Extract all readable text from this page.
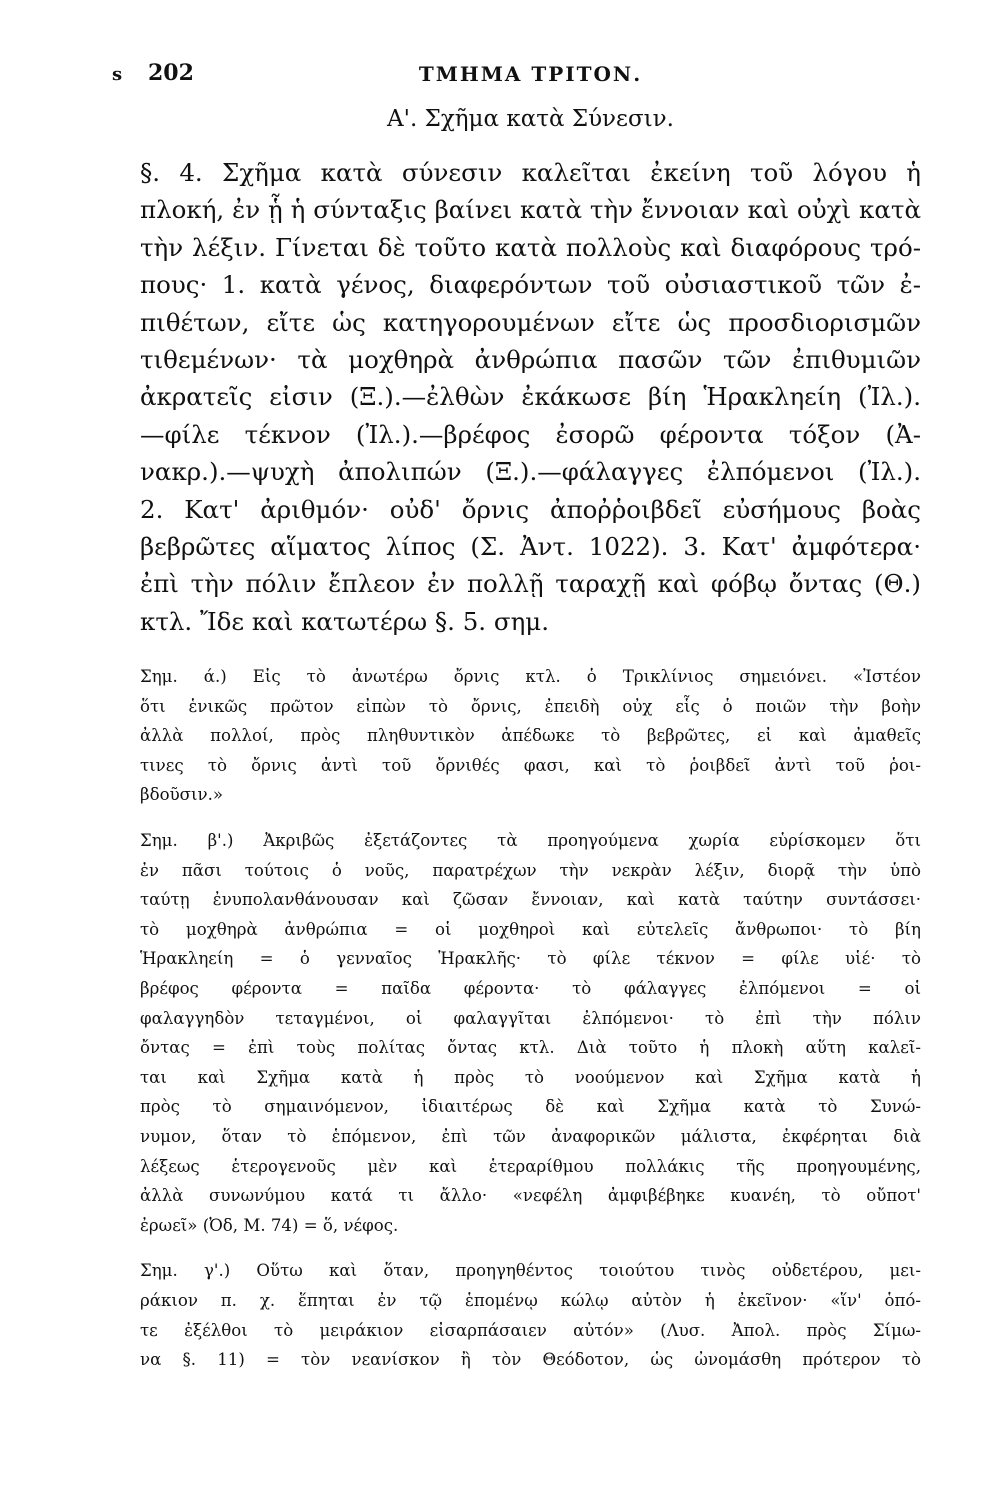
s 202	ΤΜΗΜΑ ΤΡΙΤΟΝ.
Α'. Σχῆμα κατὰ Σύνεσιν.
§. 4. Σχῆμα κατὰ σύνεσιν καλεῖται ἐκείνη τοῦ λόγου ἡ
πλοκή, ἐν ᾗ ἡ σύνταξις βαίνει κατὰ τὴν ἔννοιαν καὶ οὐχὶ κατὰ
τὴν λέξιν. Γίνεται δὲ τοῦτο κατὰ πολλοὺς καὶ διαφόρους τρό-
πους· 1. κατὰ γένος, διαφερόντων τοῦ οὐσιαστικοῦ τῶν ἐ-
πιθέτων, εἴτε ὡς κατηγορουμένων εἴτε ὡς προσδιορισμῶν
τιθεμένων· τὰ μοχθηρὰ ἀνθρώπια πασῶν τῶν ἐπιθυμιῶν
ἀκρατεῖς εἰσιν (Ξ.).—ἐλθὼν ἐκάκωσε βίη Ἡρακληείη (Ἰλ.).
—φίλε τέκνον (Ἰλ.).—βρέφος ἐσορῶ φέροντα τόξον (Ἀ-
νακρ.).—ψυχὴ ἀπολιπών (Ξ.).—φάλαγγες ἐλπόμενοι (Ἰλ.).
2. Κατ' ἀριθμόν· οὐδ' ὄρνις ἀποῤῥοιβδεῖ εὐσήμους βοὰς
βεβρῶτες αἵματος λίπος (Σ. Ἀντ. 1022). 3. Κατ' ἀμφότερα·
ἐπὶ τὴν πόλιν ἔπλεον ἐν πολλῇ ταραχῇ καὶ φόβῳ ὄντας (Θ.)
κτλ. Ἴδε καὶ κατωτέρω §. 5. σημ.
Σημ. ά.) Εἰς τὸ ἀνωτέρω ὄρνις κτλ. ὁ Τρικλίνιος σημειόνει. «Ἰστέον
ὅτι ἑνικῶς πρῶτον εἰπὼν τὸ ὄρνις, ἐπειδὴ οὐχ εἷς ὁ ποιῶν τὴν βοὴν
ἀλλὰ πολλοί, πρὸς πληθυντικὸν ἀπέδωκε τὸ βεβρῶτες, εἰ καὶ ἀμαθεῖς
τινες τὸ ὄρνις ἀντὶ τοῦ ὄρνιθές φασι, καὶ τὸ ῥοιβδεῖ ἀντὶ τοῦ ῥοι-
βδοῦσιν.»
Σημ. β'.) Ἀκριβῶς ἐξετάζοντες τὰ προηγούμενα χωρία εὑρίσκομεν ὅτι
ἐν πᾶσι τούτοις ὁ νοῦς, παρατρέχων τὴν νεκρὰν λέξιν, διορᾷ τὴν ὑπὸ
ταύτῃ ἐνυπολανθάνουσαν καὶ ζῶσαν ἔννοιαν, καὶ κατὰ ταύτην συντάσσει·
τὸ μοχθηρὰ ἀνθρώπια = οἱ μοχθηροὶ καὶ εὐτελεῖς ἄνθρωποι· τὸ βίη
Ἡρακληείη = ὁ γενναῖος Ἡρακλῆς· τὸ φίλε τέκνον = φίλε υἱέ· τὸ
βρέφος φέροντα = παῖδα φέροντα· τὸ φάλαγγες ἐλπόμενοι = οἱ
φαλαγγηδὸν τεταγμένοι, οἱ φαλαγγῖται ἐλπόμενοι· τὸ ἐπὶ τὴν πόλιν
ὄντας = ἐπὶ τοὺς πολίτας ὄντας κτλ. Διὰ τοῦτο ἡ πλοκὴ αὕτη καλεῖ-
ται καὶ Σχῆμα κατὰ ἡ πρὸς τὸ νοούμενον καὶ Σχῆμα κατὰ ἡ
πρὸς τὸ σημαινόμενον, ἰδιαιτέρως δὲ καὶ Σχῆμα κατὰ τὸ Συνώ-
νυμον, ὅταν τὸ ἑπόμενον, ἐπὶ τῶν ἀναφορικῶν μάλιστα, ἐκφέρηται διὰ
λέξεως ἑτερογενοῦς μὲν καὶ ἑτεραρίθμου πολλάκις τῆς προηγουμένης,
ἀλλὰ συνωνύμου κατά τι ἄλλο· «νεφέλη ἀμφιβέβηκε κυανέη, τὸ οὔποτ'
ἐρωεῖ» (Ὀδ, Μ. 74) = ὅ, νέφος.
Σημ. γ'.) Οὕτω καὶ ὅταν, προηγηθέντος τοιούτου τινὸς οὐδετέρου, μει-
ράκιον π. χ. ἕπηται ἐν τῷ ἑπομένῳ κώλῳ αὐτὸν ἡ ἐκεῖνον· «ἵν' ὁπό-
τε ἐξέλθοι τὸ μειράκιον εἰσαρπάσαιεν αὐτόν» (Λυσ. Ἀπολ. πρὸς Σίμω-
να §. 11) = τὸν νεανίσκον ἢ τὸν Θεόδοτον, ὡς ὠνομάσθη πρότερον τὸ
